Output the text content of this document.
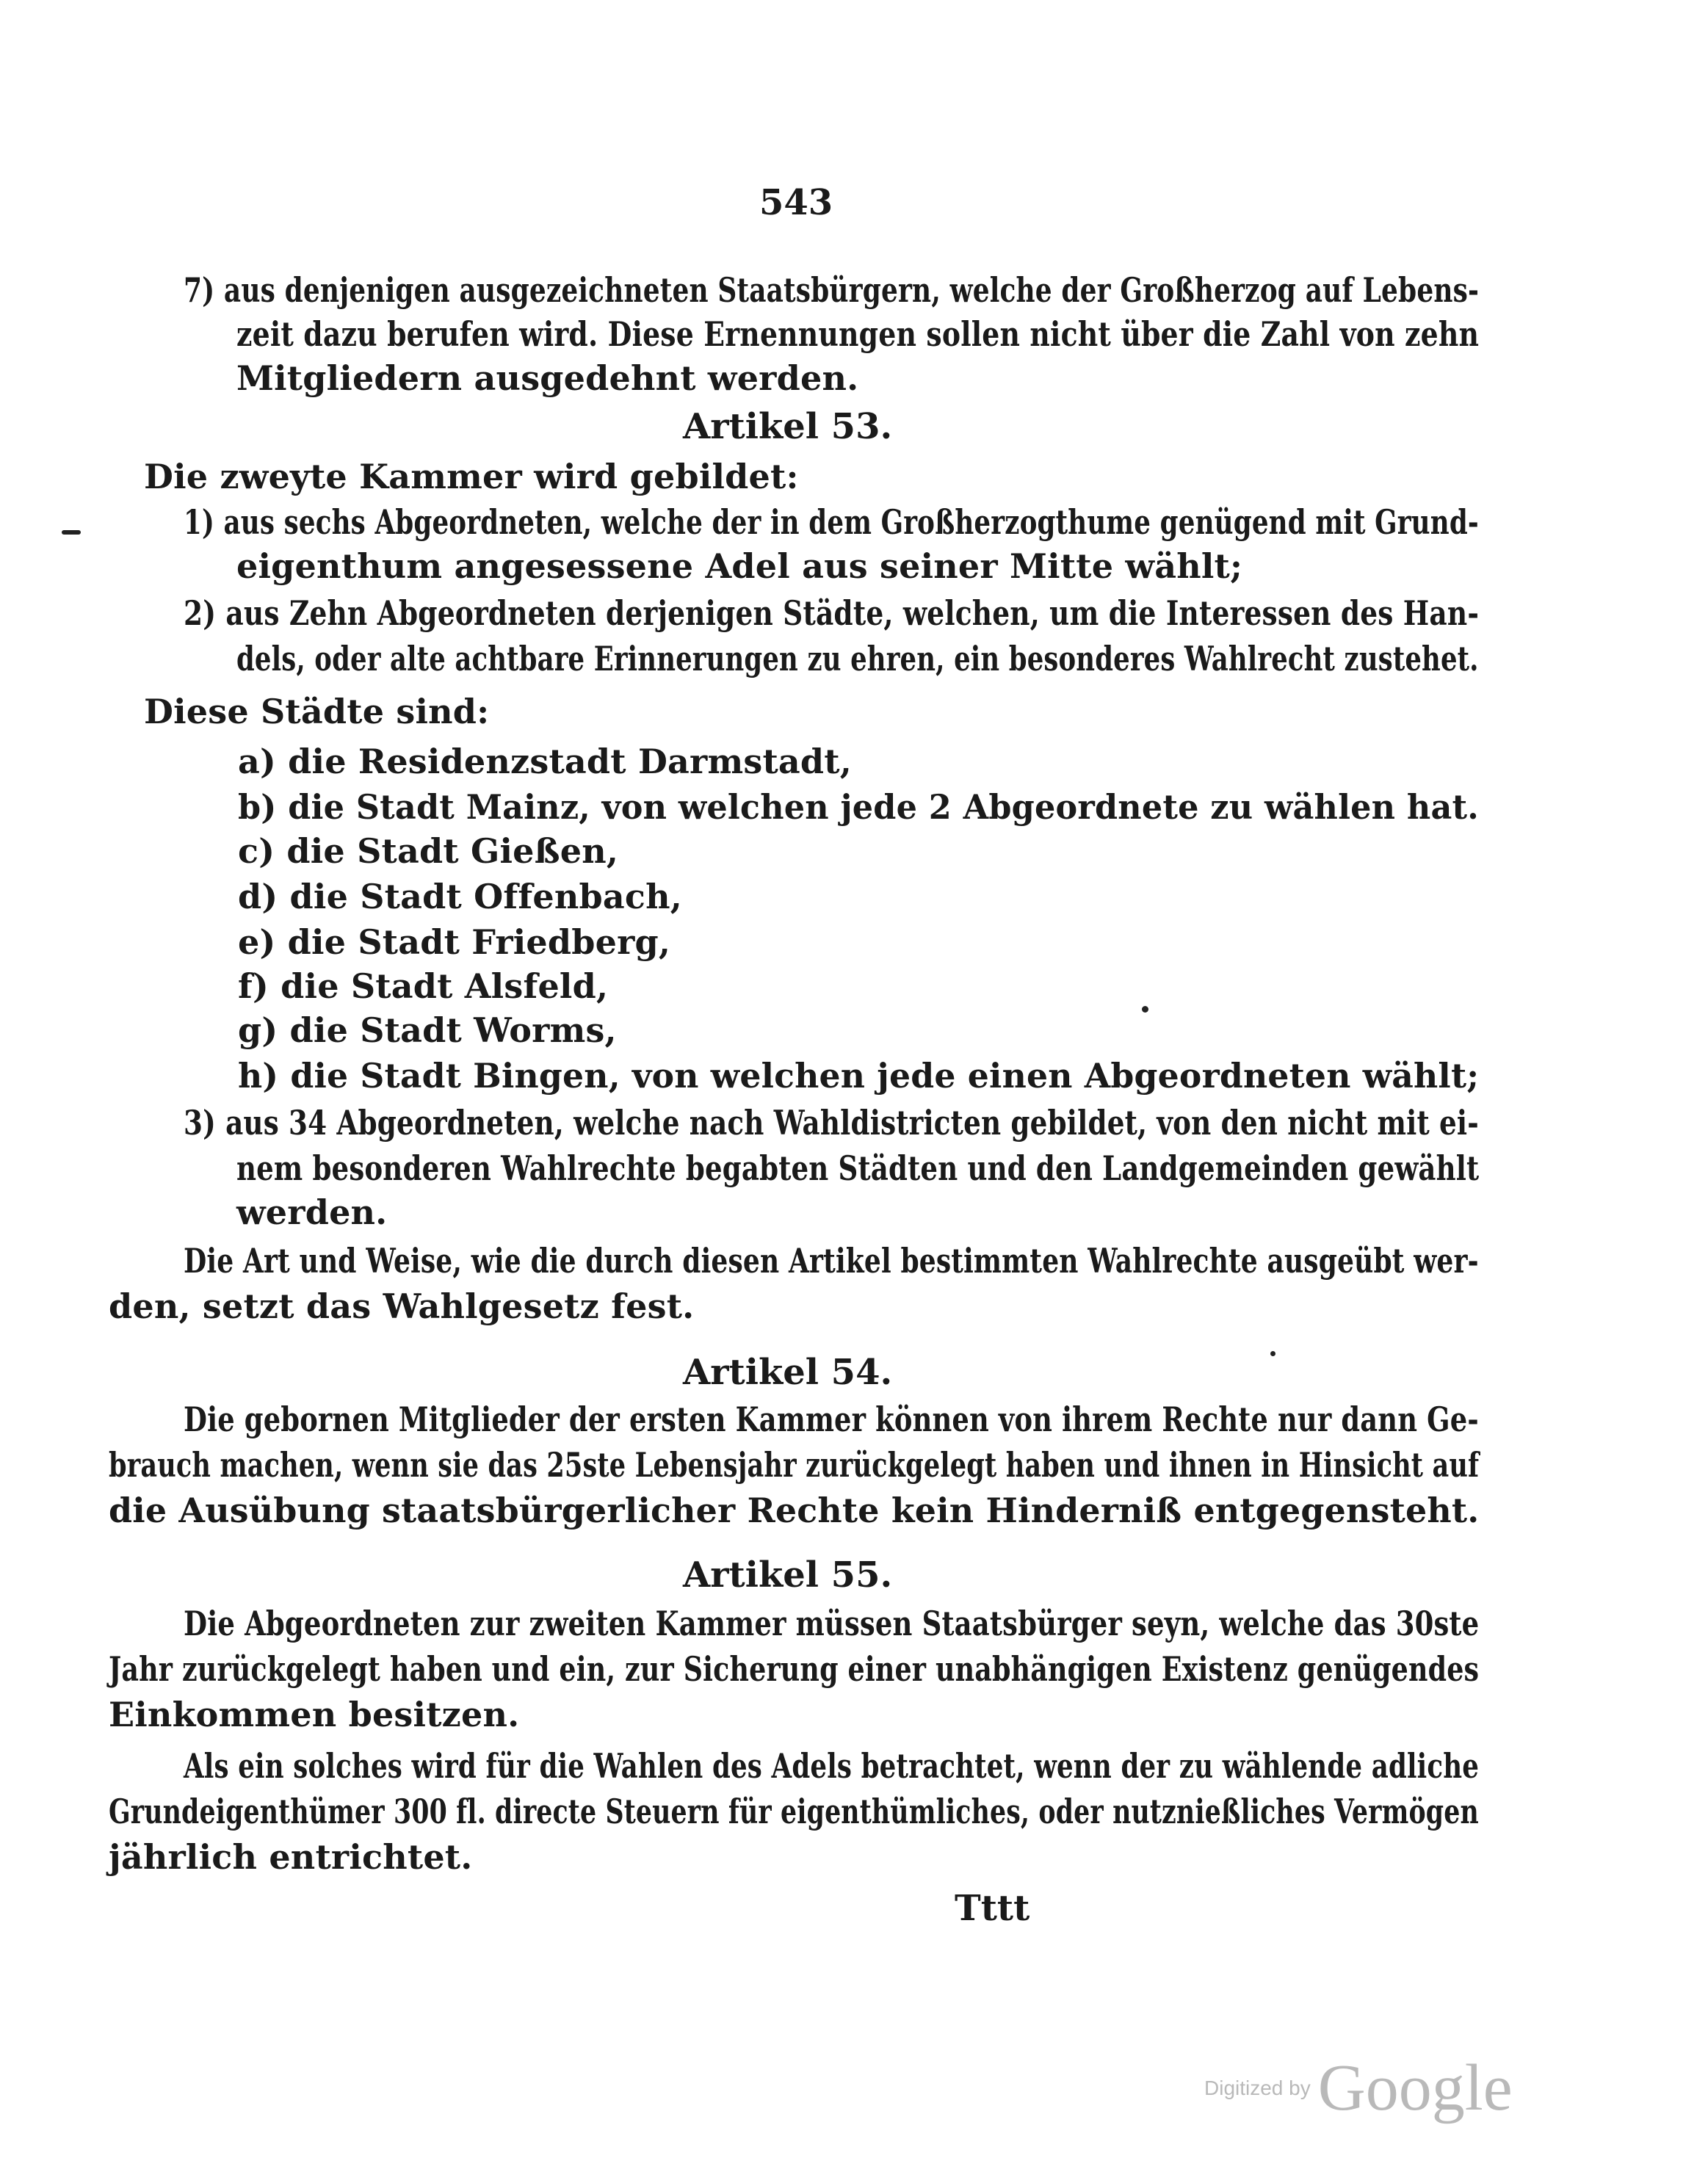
543
7) aus denjenigen ausgezeichneten Staatsbürgern, welche der Großherzog auf Lebens-
zeit dazu berufen wird. Diese Ernennungen sollen nicht über die Zahl von zehn
Mitgliedern ausgedehnt werden.
Artikel 53.
Die zweyte Kammer wird gebildet:
1) aus sechs Abgeordneten, welche der in dem Großherzogthume genügend mit Grund-
eigenthum angesessene Adel aus seiner Mitte wählt;
2) aus Zehn Abgeordneten derjenigen Städte, welchen, um die Interessen des Han-
dels, oder alte achtbare Erinnerungen zu ehren, ein besonderes Wahlrecht zustehet.
Diese Städte sind:
a) die Residenzstadt Darmstadt,
b) die Stadt Mainz, von welchen jede 2 Abgeordnete zu wählen hat.
c) die Stadt Gießen,
d) die Stadt Offenbach,
e) die Stadt Friedberg,
f) die Stadt Alsfeld,
g) die Stadt Worms,
h) die Stadt Bingen, von welchen jede einen Abgeordneten wählt;
3) aus 34 Abgeordneten, welche nach Wahldistricten gebildet, von den nicht mit ei-
nem besonderen Wahlrechte begabten Städten und den Landgemeinden gewählt
werden.
Die Art und Weise, wie die durch diesen Artikel bestimmten Wahlrechte ausgeübt wer-
den, setzt das Wahlgesetz fest.
Artikel 54.
Die gebornen Mitglieder der ersten Kammer können von ihrem Rechte nur dann Ge-
brauch machen, wenn sie das 25ste Lebensjahr zurückgelegt haben und ihnen in Hinsicht auf
die Ausübung staatsbürgerlicher Rechte kein Hinderniß entgegensteht.
Artikel 55.
Die Abgeordneten zur zweiten Kammer müssen Staatsbürger seyn, welche das 30ste
Jahr zurückgelegt haben und ein, zur Sicherung einer unabhängigen Existenz genügendes
Einkommen besitzen.
Als ein solches wird für die Wahlen des Adels betrachtet, wenn der zu wählende adliche
Grundeigenthümer 300 fl. directe Steuern für eigenthümliches, oder nutznießliches Vermögen
jährlich entrichtet.
Tttt
Digitized by Google
